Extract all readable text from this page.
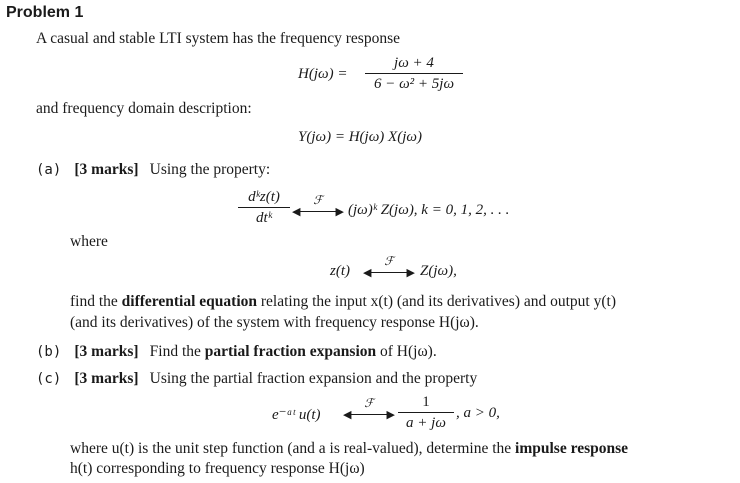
Problem 1
A casual and stable LTI system has the frequency response
H(jω) =
jω + 4
6 − ω² + 5jω
and frequency domain description:
Y(jω) = H(jω) X(jω)
(a) [3 marks] Using the property:
dᵏz(t)
dtᵏ
ℱ
◀	▶ (jω)ᵏ Z(jω), k = 0, 1, 2, . . .
where
z(t)
ℱ
◀	▶ Z(jω),
find the differential equation relating the input x(t) (and its derivatives) and output y(t)
(and its derivatives) of the system with frequency response H(jω).
(b) [3 marks] Find the partial fraction expansion of H(jω).
(c) [3 marks] Using the partial fraction expansion and the property
e⁻ᵃᵗ u(t)
ℱ
◀	▶
1
a + jω
, a > 0,
where u(t) is the unit step function (and a is real-valued), determine the impulse response
h(t) corresponding to frequency response H(jω)
